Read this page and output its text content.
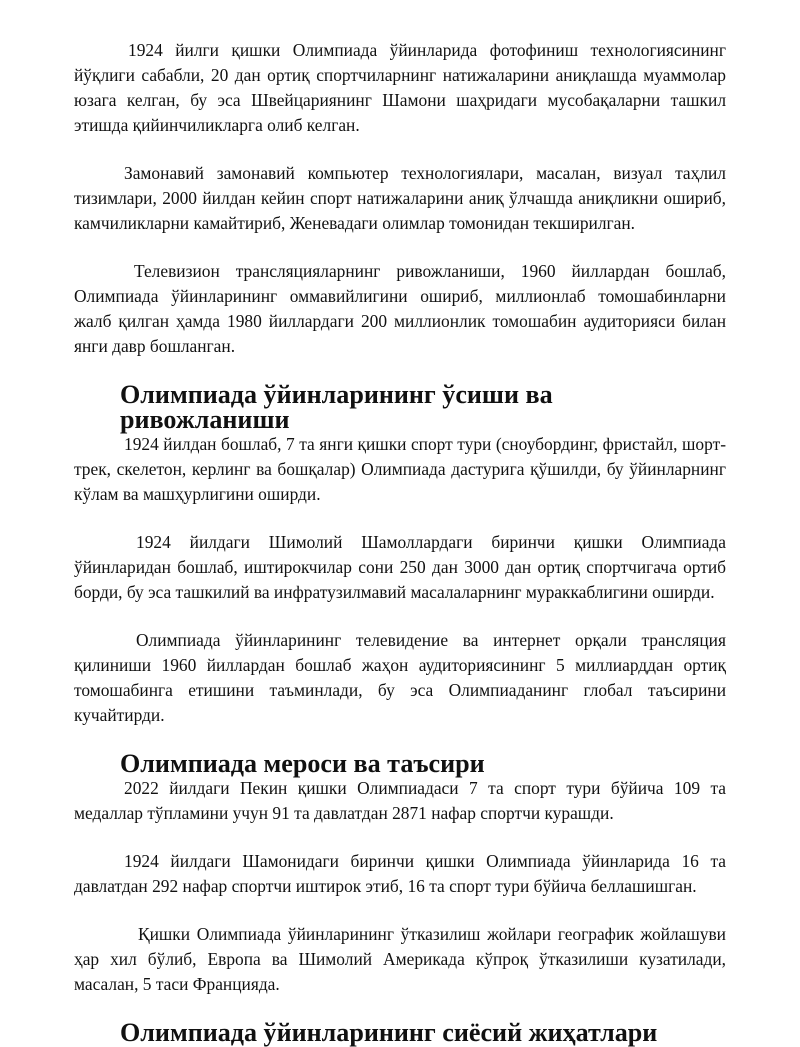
1924 йилги қишки Олимпиада ўйинларида фотофиниш технологиясининг йўқлиги сабабли, 20 дан ортиқ спортчиларнинг натижаларини аниқлашда муаммолар юзага келган, бу эса Швейцариянинг Шамони шаҳридаги мусобақаларни ташкил этишда қийинчиликларга олиб келган.

Замонавий замонавий компьютер технологиялари, масалан, визуал таҳлил тизимлари, 2000 йилдан кейин спорт натижаларини аниқ ўлчашда аниқликни ошириб, камчиликларни камайтириб, Женевадаги олимлар томонидан текширилган.

Телевизион трансляцияларнинг ривожланиши, 1960 йиллардан бошлаб, Олимпиада ўйинларининг оммавийлигини ошириб, миллионлаб томошабинларни жалб қилган ҳамда 1980 йиллардаги 200 миллионлик томошабин аудиторияси билан янги давр бошланган.

Олимпиада ўйинларининг ўсиши ва ривожланиши

1924 йилдан бошлаб, 7 та янги қишки спорт тури (сноубординг, фристайл, шорт-трек, скелетон, керлинг ва бошқалар) Олимпиада дастурига қўшилди, бу ўйинларнинг кўлам ва машҳурлигини оширди.

1924 йилдаги Шимолий Шамоллардаги биринчи қишки Олимпиада ўйинларидан бошлаб, иштирокчилар сони 250 дан 3000 дан ортиқ спортчигача ортиб борди, бу эса ташкилий ва инфратузилмавий масалаларнинг мураккаблигини оширди.

Олимпиада ўйинларининг телевидение ва интернет орқали трансляция қилиниши 1960 йиллардан бошлаб жаҳон аудиториясининг 5 миллиарддан ортиқ томошабинга етишини таъминлади, бу эса Олимпиаданинг глобал таъсирини кучайтирди.

Олимпиада мероси ва таъсири

2022 йилдаги Пекин қишки Олимпиадаси 7 та спорт тури бўйича 109 та медаллар тўпламини учун 91 та давлатдан 2871 нафар спортчи курашди.

1924 йилдаги Шамонидаги биринчи қишки Олимпиада ўйинларида 16 та давлатдан 292 нафар спортчи иштирок этиб, 16 та спорт тури бўйича беллашишган.

Қишки Олимпиада ўйинларининг ўтказилиш жойлари географик жойлашуви ҳар хил бўлиб, Европа ва Шимолий Америкада кўпроқ ўтказилиши кузатилади, масалан, 5 таси Францияда.

Олимпиада ўйинларининг сиёсий жиҳатлари
